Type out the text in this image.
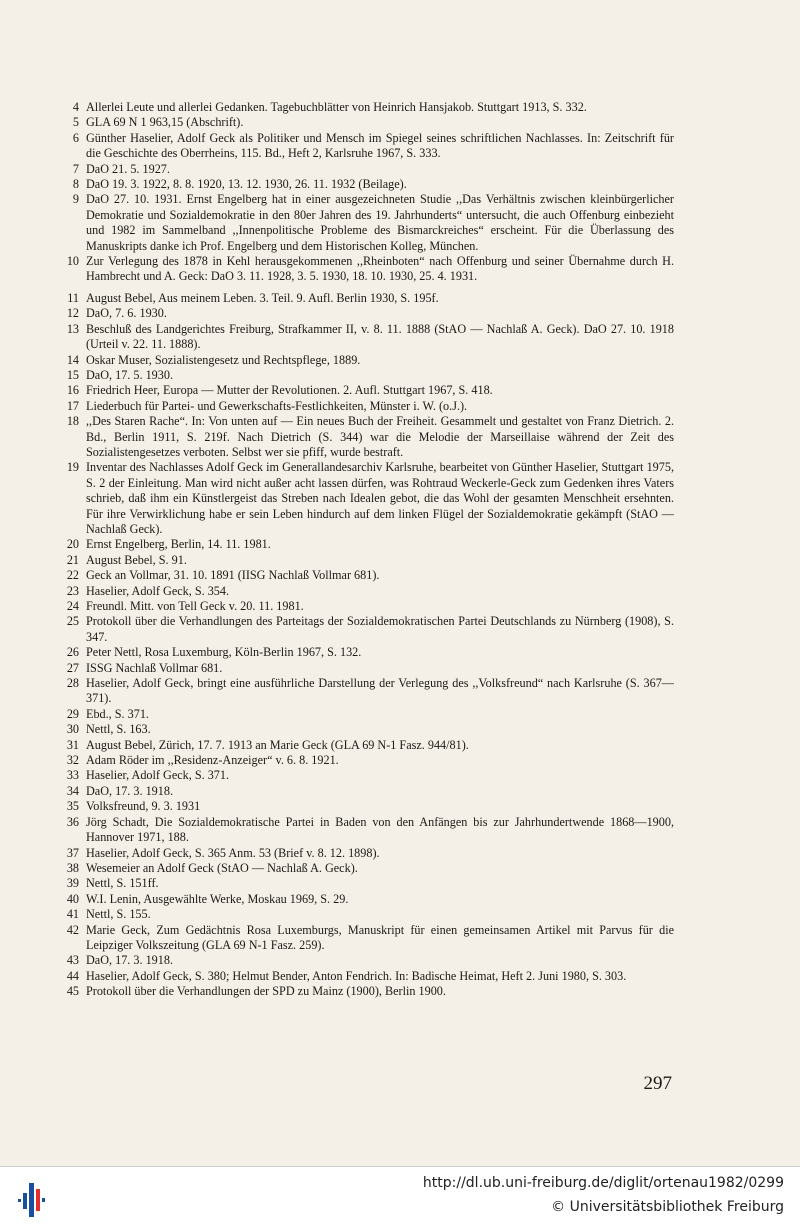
4 Allerlei Leute und allerlei Gedanken. Tagebuchblätter von Heinrich Hansjakob. Stuttgart 1913, S. 332.
5 GLA 69 N 1 963,15 (Abschrift).
6 Günther Haselier, Adolf Geck als Politiker und Mensch im Spiegel seines schriftlichen Nachlasses. In: Zeitschrift für die Geschichte des Oberrheins, 115. Bd., Heft 2, Karlsruhe 1967, S. 333.
7 DaO 21. 5. 1927.
8 DaO 19. 3. 1922, 8. 8. 1920, 13. 12. 1930, 26. 11. 1932 (Beilage).
9 DaO 27. 10. 1931. Ernst Engelberg hat in einer ausgezeichneten Studie ,,Das Verhältnis zwischen kleinbürgerlicher Demokratie und Sozialdemokratie in den 80er Jahren des 19. Jahrhunderts“ untersucht, die auch Offenburg einbezieht und 1982 im Sammelband ,,Innenpolitische Probleme des Bismarckreiches“ erscheint. Für die Überlassung des Manuskripts danke ich Prof. Engelberg und dem Historischen Kolleg, München.
10 Zur Verlegung des 1878 in Kehl herausgekommenen ,,Rheinboten“ nach Offenburg und seiner Übernahme durch H. Hambrecht und A. Geck: DaO 3. 11. 1928, 3. 5. 1930, 18. 10. 1930, 25. 4. 1931.
11 August Bebel, Aus meinem Leben. 3. Teil. 9. Aufl. Berlin 1930, S. 195f.
12 DaO, 7. 6. 1930.
13 Beschluß des Landgerichtes Freiburg, Strafkammer II, v. 8. 11. 1888 (StAO — Nachlaß A. Geck). DaO 27. 10. 1918 (Urteil v. 22. 11. 1888).
14 Oskar Muser, Sozialistengesetz und Rechtspflege, 1889.
15 DaO, 17. 5. 1930.
16 Friedrich Heer, Europa — Mutter der Revolutionen. 2. Aufl. Stuttgart 1967, S. 418.
17 Liederbuch für Partei- und Gewerkschafts-Festlichkeiten, Münster i. W. (o.J.).
18 ,,Des Staren Rache“. In: Von unten auf — Ein neues Buch der Freiheit. Gesammelt und gestaltet von Franz Dietrich. 2. Bd., Berlin 1911, S. 219f. Nach Dietrich (S. 344) war die Melodie der Marseillaise während der Zeit des Sozialistengesetzes verboten. Selbst wer sie pfiff, wurde bestraft.
19 Inventar des Nachlasses Adolf Geck im Generallandesarchiv Karlsruhe, bearbeitet von Günther Haselier, Stuttgart 1975, S. 2 der Einleitung. Man wird nicht außer acht lassen dürfen, was Rohtraud Weckerle-Geck zum Gedenken ihres Vaters schrieb, daß ihm ein Künstlergeist das Streben nach Idealen gebot, die das Wohl der gesamten Menschheit ersehnten. Für ihre Verwirklichung habe er sein Leben hindurch auf dem linken Flügel der Sozialdemokratie gekämpft (StAO — Nachlaß Geck).
20 Ernst Engelberg, Berlin, 14. 11. 1981.
21 August Bebel, S. 91.
22 Geck an Vollmar, 31. 10. 1891 (IISG Nachlaß Vollmar 681).
23 Haselier, Adolf Geck, S. 354.
24 Freundl. Mitt. von Tell Geck v. 20. 11. 1981.
25 Protokoll über die Verhandlungen des Parteitags der Sozialdemokratischen Partei Deutschlands zu Nürnberg (1908), S. 347.
26 Peter Nettl, Rosa Luxemburg, Köln-Berlin 1967, S. 132.
27 ISSG Nachlaß Vollmar 681.
28 Haselier, Adolf Geck, bringt eine ausführliche Darstellung der Verlegung des ,,Volksfreund“ nach Karlsruhe (S. 367—371).
29 Ebd., S. 371.
30 Nettl, S. 163.
31 August Bebel, Zürich, 17. 7. 1913 an Marie Geck (GLA 69 N-1 Fasz. 944/81).
32 Adam Röder im ,,Residenz-Anzeiger“ v. 6. 8. 1921.
33 Haselier, Adolf Geck, S. 371.
34 DaO, 17. 3. 1918.
35 Volksfreund, 9. 3. 1931
36 Jörg Schadt, Die Sozialdemokratische Partei in Baden von den Anfängen bis zur Jahrhundertwende 1868—1900, Hannover 1971, 188.
37 Haselier, Adolf Geck, S. 365 Anm. 53 (Brief v. 8. 12. 1898).
38 Wesemeier an Adolf Geck (StAO — Nachlaß A. Geck).
39 Nettl, S. 151ff.
40 W.I. Lenin, Ausgewählte Werke, Moskau 1969, S. 29.
41 Nettl, S. 155.
42 Marie Geck, Zum Gedächtnis Rosa Luxemburgs, Manuskript für einen gemeinsamen Artikel mit Parvus für die Leipziger Volkszeitung (GLA 69 N-1 Fasz. 259).
43 DaO, 17. 3. 1918.
44 Haselier, Adolf Geck, S. 380; Helmut Bender, Anton Fendrich. In: Badische Heimat, Heft 2. Juni 1980, S. 303.
45 Protokoll über die Verhandlungen der SPD zu Mainz (1900), Berlin 1900.
297
http://dl.ub.uni-freiburg.de/diglit/ortenau1982/0299
© Universitätsbibliothek Freiburg
